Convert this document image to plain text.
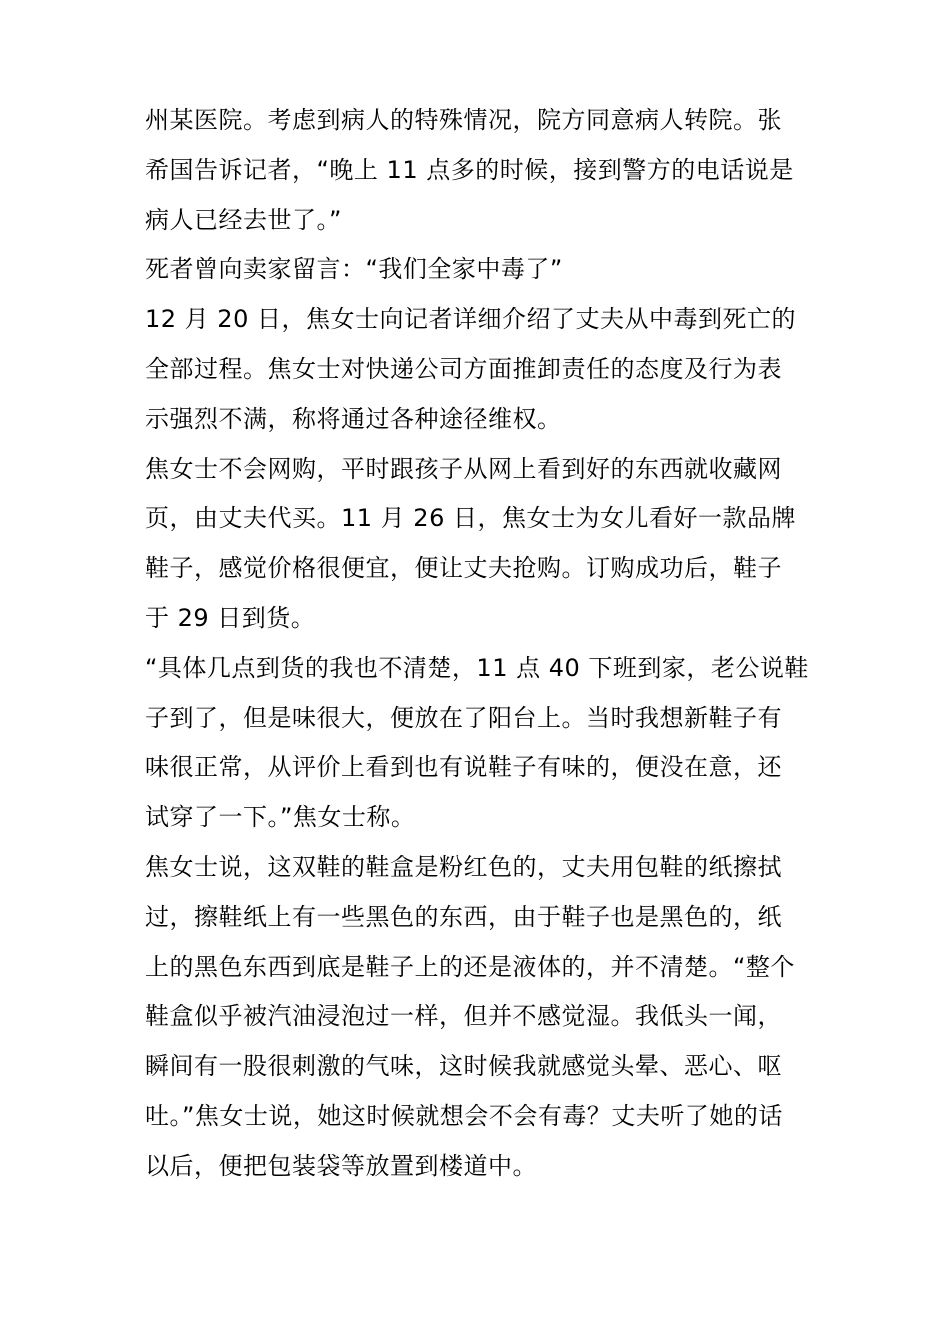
州某医院。考虑到病人的特殊情况，院方同意病人转院。张
希国告诉记者，“晚上 11 点多的时候，接到警方的电话说是
病人已经去世了。”
死者曾向卖家留言：“我们全家中毒了”
12 月 20 日，焦女士向记者详细介绍了丈夫从中毒到死亡的
全部过程。焦女士对快递公司方面推卸责任的态度及行为表
示强烈不满，称将通过各种途径维权。
焦女士不会网购，平时跟孩子从网上看到好的东西就收藏网
页，由丈夫代买。11 月 26 日，焦女士为女儿看好一款品牌
鞋子，感觉价格很便宜，便让丈夫抢购。订购成功后，鞋子
于 29 日到货。
“具体几点到货的我也不清楚，11 点 40 下班到家，老公说鞋
子到了，但是味很大，便放在了阳台上。当时我想新鞋子有
味很正常，从评价上看到也有说鞋子有味的，便没在意，还
试穿了一下。”焦女士称。
焦女士说，这双鞋的鞋盒是粉红色的，丈夫用包鞋的纸擦拭
过，擦鞋纸上有一些黑色的东西，由于鞋子也是黑色的，纸
上的黑色东西到底是鞋子上的还是液体的，并不清楚。“整个
鞋盒似乎被汽油浸泡过一样，但并不感觉湿。我低头一闻，
瞬间有一股很刺激的气味，这时候我就感觉头晕、恶心、呕
吐。”焦女士说，她这时候就想会不会有毒？丈夫听了她的话
以后，便把包装袋等放置到楼道中。
